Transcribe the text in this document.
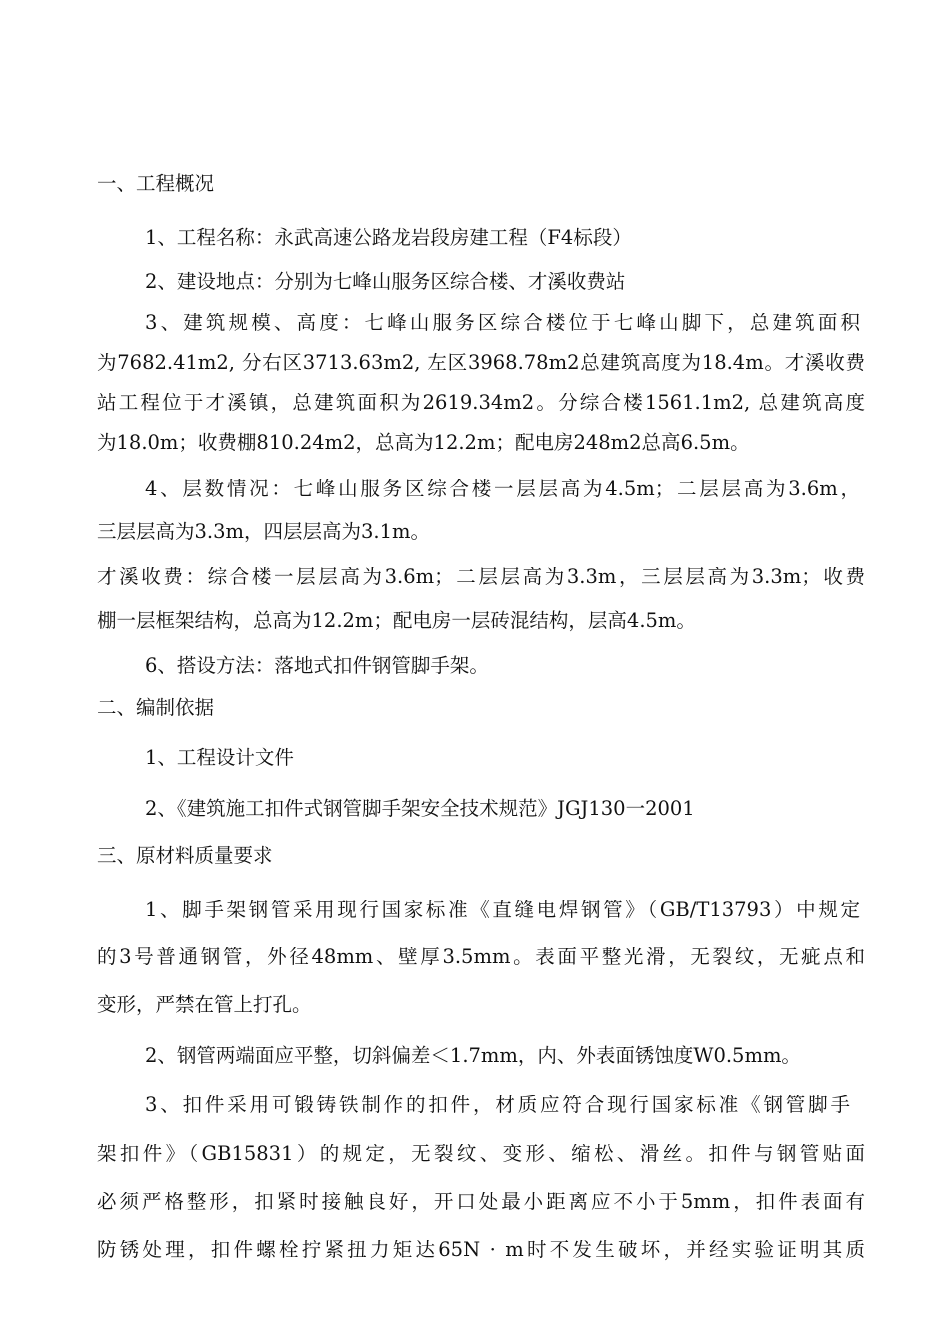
一、工程概况

1、工程名称：永武高速公路龙岩段房建工程（F4标段）

2、建设地点：分别为七峰山服务区综合楼、才溪收费站

3、建筑规模、高度：七峰山服务区综合楼位于七峰山脚下，总建筑面积

为7682.41m2, 分右区3713.63m2, 左区3968.78m2总建筑高度为18.4m。才溪收费

站工程位于才溪镇，总建筑面积为2619.34m2。分综合楼1561.1m2, 总建筑高度

为18.0m；收费棚810.24m2，总高为12.2m；配电房248m2总高6.5m。

4、层数情况：七峰山服务区综合楼一层层高为4.5m；二层层高为3.6m，

三层层高为3.3m，四层层高为3.1m。

才溪收费：综合楼一层层高为3.6m；二层层高为3.3m，三层层高为3.3m；收费

棚一层框架结构，总高为12.2m；配电房一层砖混结构，层高4.5m。

6、搭设方法：落地式扣件钢管脚手架。

二、编制依据

1、工程设计文件

2、《建筑施工扣件式钢管脚手架安全技术规范》JGJ130一2001

三、原材料质量要求

1、脚手架钢管采用现行国家标准《直缝电焊钢管》（GB/T13793）中规定

的3号普通钢管，外径48mm、壁厚3.5mm。表面平整光滑，无裂纹，无疵点和

变形，严禁在管上打孔。

2、钢管两端面应平整，切斜偏差＜1.7mm，内、外表面锈蚀度W0.5mm。

3、扣件采用可锻铸铁制作的扣件，材质应符合现行国家标准《钢管脚手

架扣件》（GB15831）的规定，无裂纹、变形、缩松、滑丝。扣件与钢管贴面

必须严格整形，扣紧时接触良好，开口处最小距离应不小于5mm，扣件表面有

防锈处理，扣件螺栓拧紧扭力矩达65N · m时不发生破坏，并经实验证明其质
